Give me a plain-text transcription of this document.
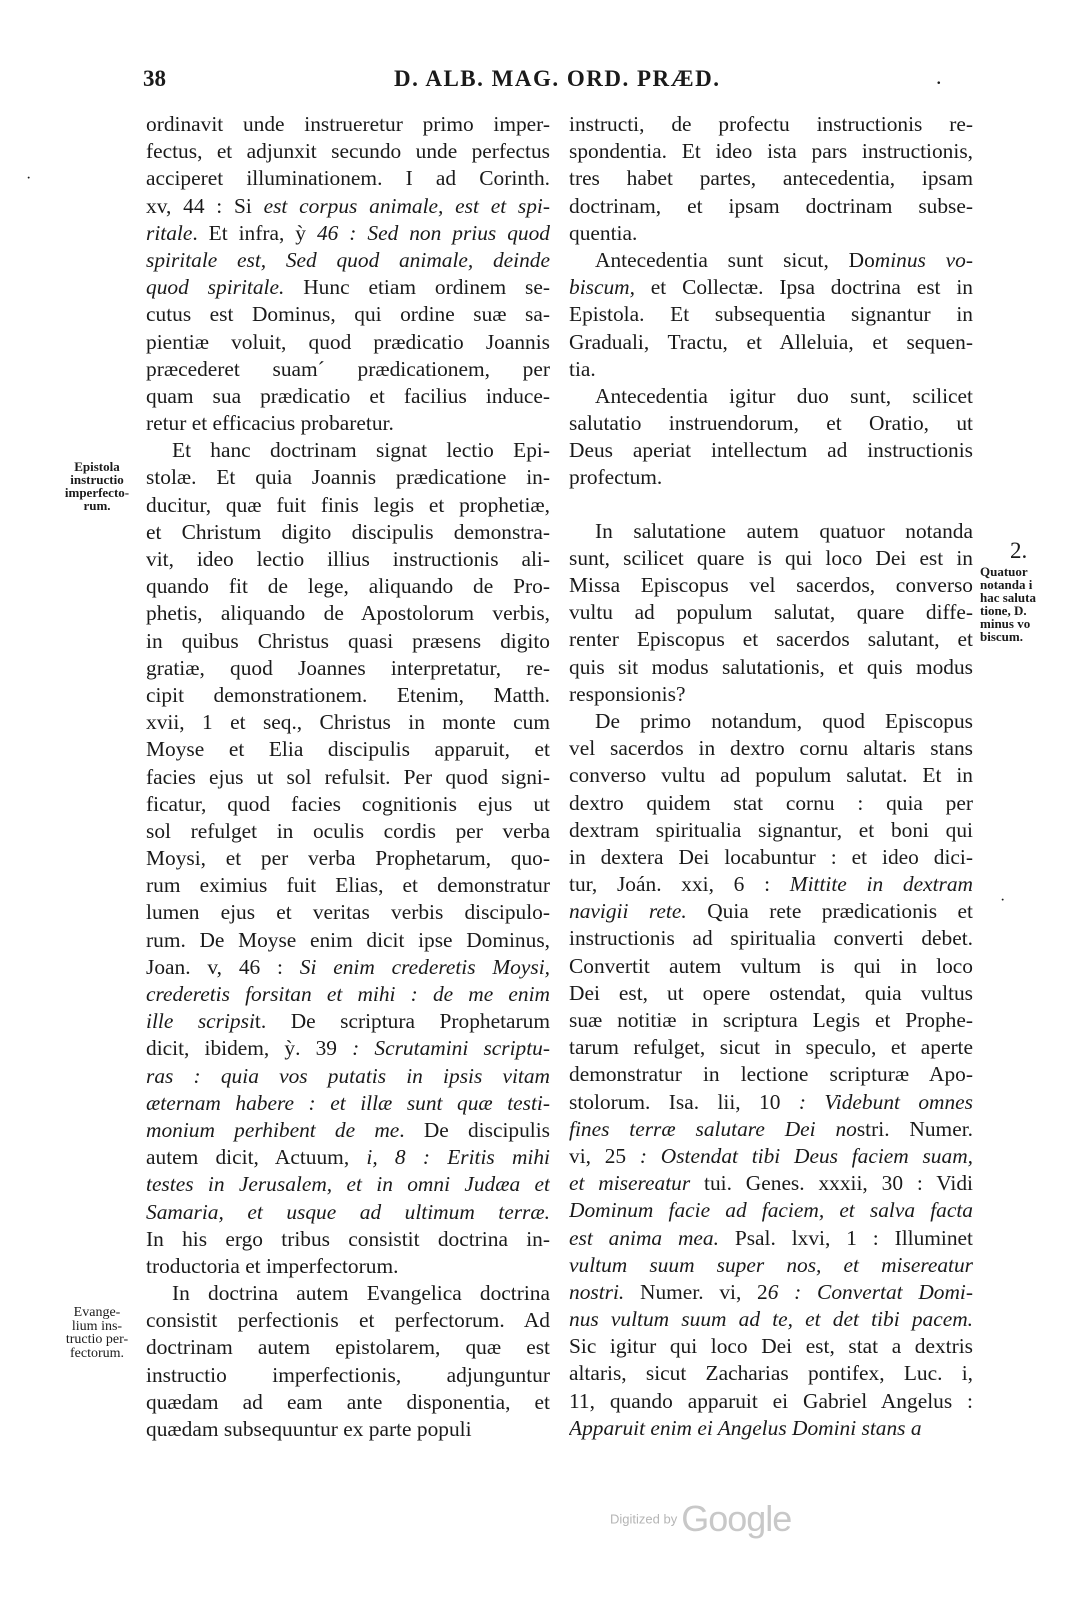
38	D. ALB. MAG. ORD. PRÆD.	.
Epistola
instructio
imperfecto-
rum.
Evange-
lium ins-
tructio per-
fectorum.
2.
Quatuor
notanda i
hac saluta
tione, D.
minus vo
biscum.
·
·
ordinavit unde instrueretur primo imper-
fectus, et adjunxit secundo unde perfectus
acciperet illuminationem. I ad Corinth.
xv, 44 : Si est corpus animale, est et spi-
ritale. Et infra, ỳ 46 : Sed non prius quod
spiritale est, Sed quod animale, deinde
quod spiritale. Hunc etiam ordinem se-
cutus est Dominus, qui ordine suæ sa-
pientiæ voluit, quod prædicatio Joannis
præcederet suam´ prædicationem, per
quam sua prædicatio et facilius induce-
retur et efficacius probaretur.
Et hanc doctrinam signat lectio Epi-
stolæ. Et quia Joannis prædicatione in-
ducitur, quæ fuit finis legis et prophetiæ,
et Christum digito discipulis demonstra-
vit, ideo lectio illius instructionis ali-
quando fit de lege, aliquando de Pro-
phetis, aliquando de Apostolorum verbis,
in quibus Christus quasi præsens digito
gratiæ, quod Joannes interpretatur, re-
cipit demonstrationem. Etenim, Matth.
xvii, 1 et seq., Christus in monte cum
Moyse et Elia discipulis apparuit, et
facies ejus ut sol refulsit. Per quod signi-
ficatur, quod facies cognitionis ejus ut
sol refulget in oculis cordis per verba
Moysi, et per verba Prophetarum, quo-
rum eximius fuit Elias, et demonstratur
lumen ejus et veritas verbis discipulo-
rum. De Moyse enim dicit ipse Dominus,
Joan. v, 46 : Si enim crederetis Moysi,
crederetis forsitan et mihi : de me enim
ille scripsit. De scriptura Prophetarum
dicit, ibidem, ỳ. 39 : Scrutamini scriptu-
ras : quia vos putatis in ipsis vitam
æternam habere : et illæ sunt quæ testi-
monium perhibent de me. De discipulis
autem dicit, Actuum, i, 8 : Eritis mihi
testes in Jerusalem, et in omni Judæa et
Samaria, et usque ad ultimum terræ.
In his ergo tribus consistit doctrina in-
troductoria et imperfectorum.
In doctrina autem Evangelica doctrina
consistit perfectionis et perfectorum. Ad
doctrinam autem epistolarem, quæ est
instructio imperfectionis, adjunguntur
quædam ad eam ante disponentia, et
quædam subsequuntur ex parte populi
instructi, de profectu instructionis re-
spondentia. Et ideo ista pars instructionis,
tres habet partes, antecedentia, ipsam
doctrinam, et ipsam doctrinam subse-
quentia.
Antecedentia sunt sicut, Dominus vo-
biscum, et Collectæ. Ipsa doctrina est in
Epistola. Et subsequentia signantur in
Graduali, Tractu, et Alleluia, et sequen-
tia.
Antecedentia igitur duo sunt, scilicet
salutatio instruendorum, et Oratio, ut
Deus aperiat intellectum ad instructionis
profectum.
In salutatione autem quatuor notanda
sunt, scilicet quare is qui loco Dei est in
Missa Episcopus vel sacerdos, converso
vultu ad populum salutat, quare diffe-
renter Episcopus et sacerdos salutant, et
quis sit modus salutationis, et quis modus
responsionis?
De primo notandum, quod Episcopus
vel sacerdos in dextro cornu altaris stans
converso vultu ad populum salutat. Et in
dextro quidem stat cornu : quia per
dextram spiritualia signantur, et boni qui
in dextera Dei locabuntur : et ideo dici-
tur, Joán. xxi, 6 : Mittite in dextram
navigii rete. Quia rete prædicationis et
instructionis ad spiritualia converti debet.
Convertit autem vultum is qui in loco
Dei est, ut opere ostendat, quia vultus
suæ notitiæ in scriptura Legis et Prophe-
tarum refulget, sicut in speculo, et aperte
demonstratur in lectione scripturæ Apo-
stolorum. Isa. lii, 10 : Videbunt omnes
fines terræ salutare Dei nostri. Numer.
vi, 25 : Ostendat tibi Deus faciem suam,
et misereatur tui. Genes. xxxii, 30 : Vidi
Dominum facie ad faciem, et salva facta
est anima mea. Psal. lxvi, 1 : Illuminet
vultum suum super nos, et misereatur
nostri. Numer. vi, 26 : Convertat Domi-
nus vultum suum ad te, et det tibi pacem.
Sic igitur qui loco Dei est, stat a dextris
altaris, sicut Zacharias pontifex, Luc. i,
11, quando apparuit ei Gabriel Angelus :
Apparuit enim ei Angelus Domini stans a
Digitized by Google
